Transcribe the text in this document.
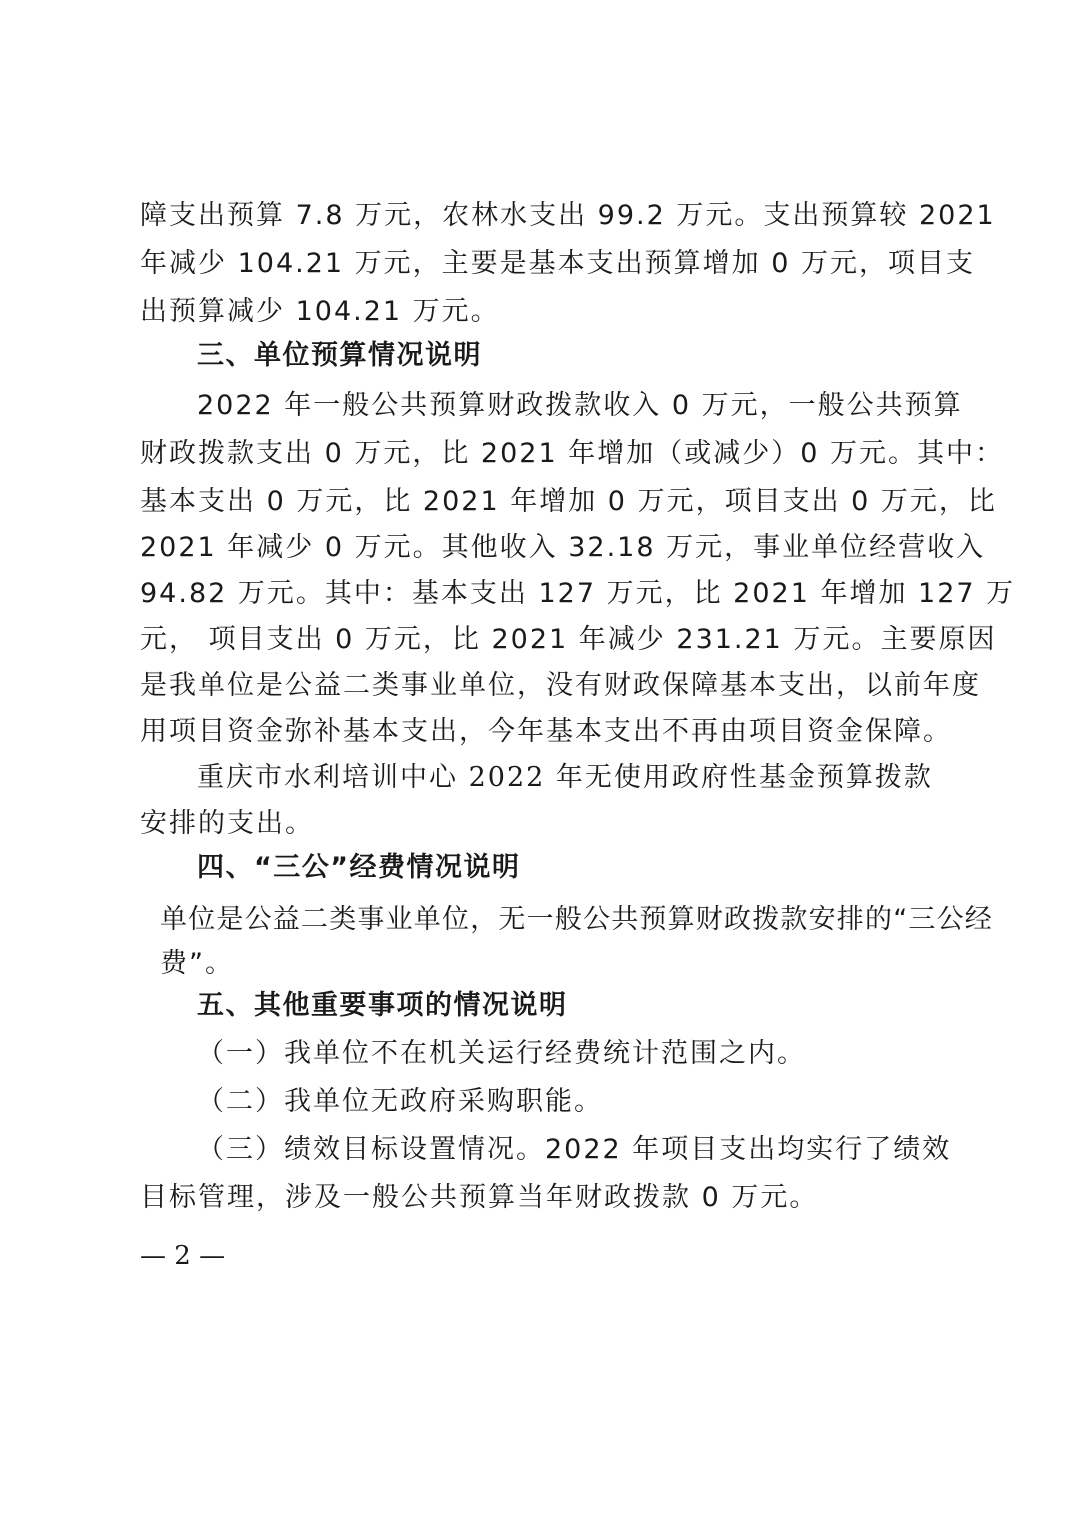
障支出预算 7.8 万元，农林水支出 99.2 万元。支出预算较 2021
年减少 104.21 万元，主要是基本支出预算增加 0 万元，项目支
出预算减少 104.21 万元。
三、单位预算情况说明
2022 年一般公共预算财政拨款收入 0 万元，一般公共预算
财政拨款支出 0 万元，比 2021 年增加（或减少）0 万元。其中：
基本支出 0 万元，比 2021 年增加 0 万元，项目支出 0 万元，比
2021 年减少 0 万元。其他收入 32.18 万元，事业单位经营收入
94.82 万元。其中：基本支出 127 万元，比 2021 年增加 127 万
元， 项目支出 0 万元，比 2021 年减少 231.21 万元。主要原因
是我单位是公益二类事业单位，没有财政保障基本支出，以前年度
用项目资金弥补基本支出，今年基本支出不再由项目资金保障。
重庆市水利培训中心 2022 年无使用政府性基金预算拨款
安排的支出。
四、“三公”经费情况说明
单位是公益二类事业单位，无一般公共预算财政拨款安排的“三公经
费”。
五、其他重要事项的情况说明
（一）我单位不在机关运行经费统计范围之内。
（二）我单位无政府采购职能。
（三）绩效目标设置情况。2022 年项目支出均实行了绩效
目标管理，涉及一般公共预算当年财政拨款 0 万元。
— 2 —
